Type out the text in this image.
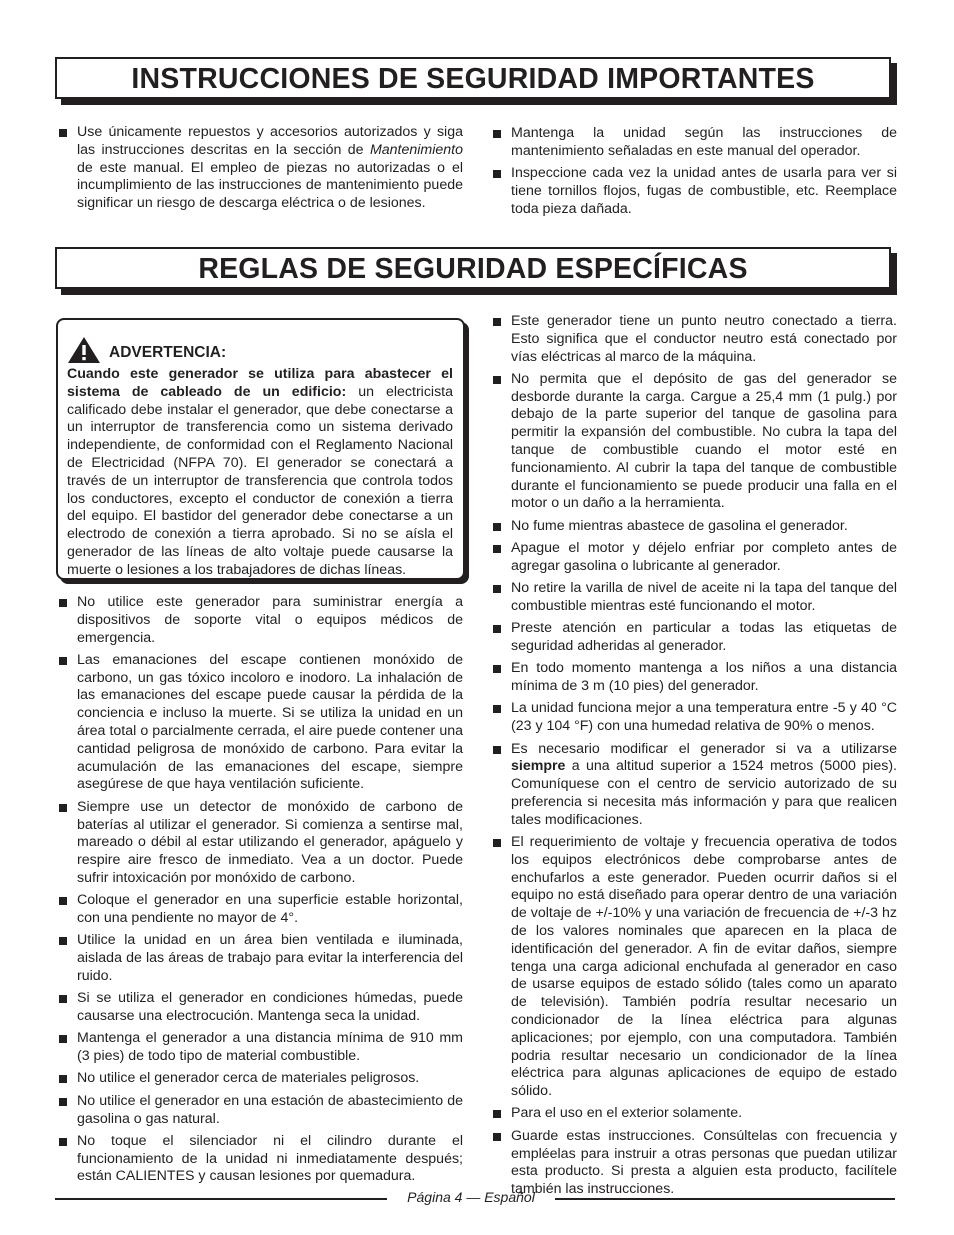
INSTRUCCIONES DE SEGURIDAD IMPORTANTES
Use únicamente repuestos y accesorios autorizados y siga las instrucciones descritas en la sección de Mantenimiento de este manual. El empleo de piezas no autorizadas o el incumplimiento de las instrucciones de mantenimiento puede significar un riesgo de descarga eléctrica o de lesiones.
Mantenga la unidad según las instrucciones de mantenimiento señaladas en este manual del operador.
Inspeccione cada vez la unidad antes de usarla para ver si tiene tornillos flojos, fugas de combustible, etc. Reemplace toda pieza dañada.
REGLAS DE SEGURIDAD ESPECÍFICAS
ADVERTENCIA:
Cuando este generador se utiliza para abastecer el sistema de cableado de un edificio: un electricista calificado debe instalar el generador, que debe conectarse a un interruptor de transferencia como un sistema derivado independiente, de conformidad con el Reglamento Nacional de Electricidad (NFPA 70). El generador se conectará a través de un interruptor de transferencia que controla todos los conductores, excepto el conductor de conexión a tierra del equipo. El bastidor del generador debe conectarse a un electrodo de conexión a tierra aprobado. Si no se aísla el generador de las líneas de alto voltaje puede causarse la muerte o lesiones a los trabajadores de dichas líneas.
No utilice este generador para suministrar energía a dispositivos de soporte vital o equipos médicos de emergencia.
Las emanaciones del escape contienen monóxido de carbono, un gas tóxico incoloro e inodoro. La inhalación de las emanaciones del escape puede causar la pérdida de la conciencia e incluso la muerte. Si se utiliza la unidad en un área total o parcialmente cerrada, el aire puede contener una cantidad peligrosa de monóxido de carbono. Para evitar la acumulación de las emanaciones del escape, siempre asegúrese de que haya ventilación suficiente.
Siempre use un detector de monóxido de carbono de baterías al utilizar el generador. Si comienza a sentirse mal, mareado o débil al estar utilizando el generador, apáguelo y respire aire fresco de inmediato. Vea a un doctor. Puede sufrir intoxicación por monóxido de carbono.
Coloque el generador en una superficie estable horizontal, con una pendiente no mayor de 4°.
Utilice la unidad en un área bien ventilada e iluminada, aislada de las áreas de trabajo para evitar la interferencia del ruido.
Si se utiliza el generador en condiciones húmedas, puede causarse una electrocución. Mantenga seca la unidad.
Mantenga el generador a una distancia mínima de 910 mm (3 pies) de todo tipo de material combustible.
No utilice el generador cerca de materiales peligrosos.
No utilice el generador en una estación de abastecimiento de gasolina o gas natural.
No toque el silenciador ni el cilindro durante el funcionamiento de la unidad ni inmediatamente después; están CALIENTES y causan lesiones por quemadura.
Este generador tiene un punto neutro conectado a tierra. Esto significa que el conductor neutro está conectado por vías eléctricas al marco de la máquina.
No permita que el depósito de gas del generador se desborde durante la carga. Cargue a 25,4 mm (1 pulg.) por debajo de la parte superior del tanque de gasolina para permitir la expansión del combustible. No cubra la tapa del tanque de combustible cuando el motor esté en funcionamiento. Al cubrir la tapa del tanque de combustible durante el funcionamiento se puede producir una falla en el motor o un daño a la herramienta.
No fume mientras abastece de gasolina el generador.
Apague el motor y déjelo enfriar por completo antes de agregar gasolina o lubricante al generador.
No retire la varilla de nivel de aceite ni la tapa del tanque del combustible mientras esté funcionando el motor.
Preste atención en particular a todas las etiquetas de seguridad adheridas al generador.
En todo momento mantenga a los niños a una distancia mínima de 3 m (10 pies) del generador.
La unidad funciona mejor a una temperatura entre -5 y 40 °C (23 y 104 °F) con una humedad relativa de 90% o menos.
Es necesario modificar el generador si va a utilizarse siempre a una altitud superior a 1524 metros (5000 pies). Comuníquese con el centro de servicio autorizado de su preferencia si necesita más información y para que realicen tales modificaciones.
El requerimiento de voltaje y frecuencia operativa de todos los equipos electrónicos debe comprobarse antes de enchufarlos a este generador. Pueden ocurrir daños si el equipo no está diseñado para operar dentro de una variación de voltaje de +/-10% y una variación de frecuencia de +/-3 hz de los valores nominales que aparecen en la placa de identificación del generador. A fin de evitar daños, siempre tenga una carga adicional enchufada al generador en caso de usarse equipos de estado sólido (tales como un aparato de televisión). También podría resultar necesario un condicionador de la línea eléctrica para algunas aplicaciones; por ejemplo, con una computadora. También podria resultar necesario un condicionador de la línea eléctrica para algunas aplicaciones de equipo de estado sólido.
Para el uso en el exterior solamente.
Guarde estas instrucciones. Consúltelas con frecuencia y empléelas para instruir a otras personas que puedan utilizar esta producto. Si presta a alguien esta producto, facilítele también las instrucciones.
Página 4 — Español
